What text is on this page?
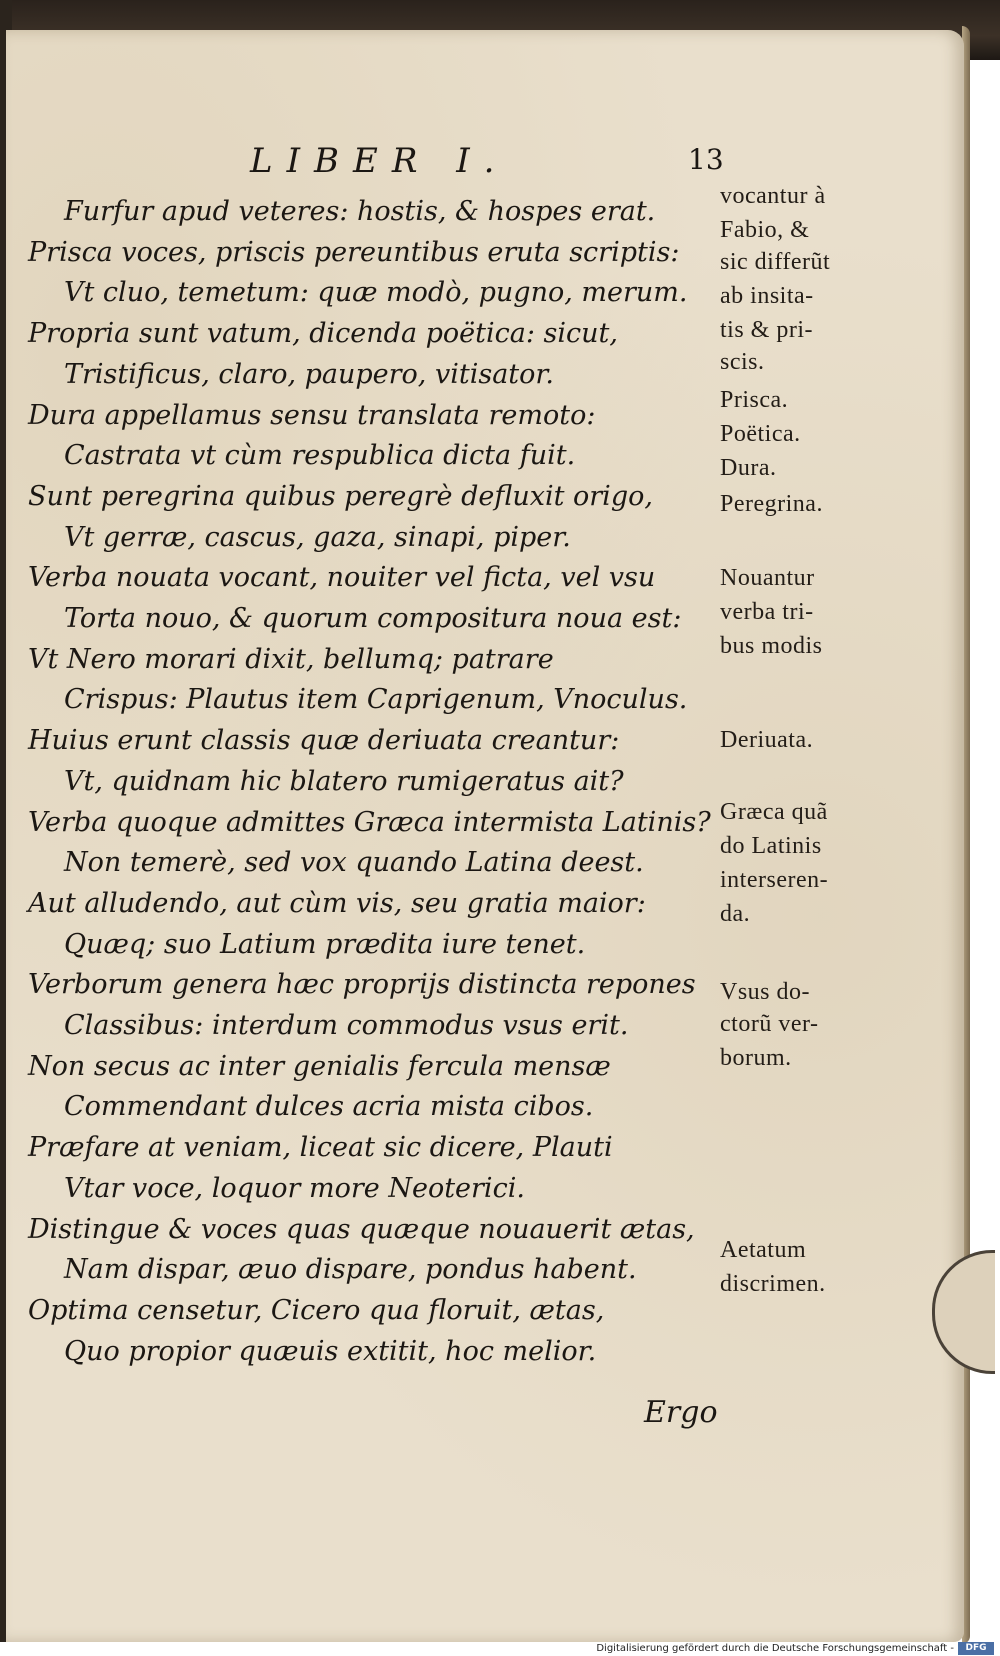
LIBER I.	13
Furfur apud veteres: hostis, & hospes erat.
Prisca voces, priscis pereuntibus eruta scriptis:
Vt cluo, temetum: quæ modò, pugno, merum.
Propria sunt vatum, dicenda poëtica: sicut,
Tristificus, claro, paupero, vitisator.
Dura appellamus sensu translata remoto:
Castrata vt cùm respublica dicta fuit.
Sunt peregrina quibus peregrè defluxit origo,
Vt gerræ, cascus, gaza, sinapi, piper.
Verba nouata vocant, nouiter vel ficta, vel vsu
Torta nouo, & quorum compositura noua est:
Vt Nero morari dixit, bellumq; patrare
Crispus: Plautus item Caprigenum, Vnoculus.
Huius erunt classis quæ deriuata creantur:
Vt, quidnam hic blatero rumigeratus ait?
Verba quoque admittes Græca intermista Latinis?
Non temerè, sed vox quando Latina deest.
Aut alludendo, aut cùm vis, seu gratia maior:
Quæq; suo Latium prædita iure tenet.
Verborum genera hæc proprijs distincta repones
Classibus: interdum commodus vsus erit.
Non secus ac inter genialis fercula mensæ
Commendant dulces acria mista cibos.
Præfare at veniam, liceat sic dicere, Plauti
Vtar voce, loquor more Neoterici.
Distingue & voces quas quæque nouauerit ætas,
Nam dispar, æuo dispare, pondus habent.
Optima censetur, Cicero qua floruit, ætas,
Quo propior quæuis extitit, hoc melior.
vocantur à
Fabio, &
sic differũt
ab insita-
tis & pri-
scis.
Prisca.
Poëtica.
Dura.
Peregrina.
Nouantur
verba tri-
bus modis
Deriuata.
Græca quã
do Latinis
interseren-
da.
Vsus do-
ctorũ ver-
borum.
Aetatum
discrimen.
Ergo
Digitalisierung gefördert durch die Deutsche Forschungsgemeinschaft -	DFG
